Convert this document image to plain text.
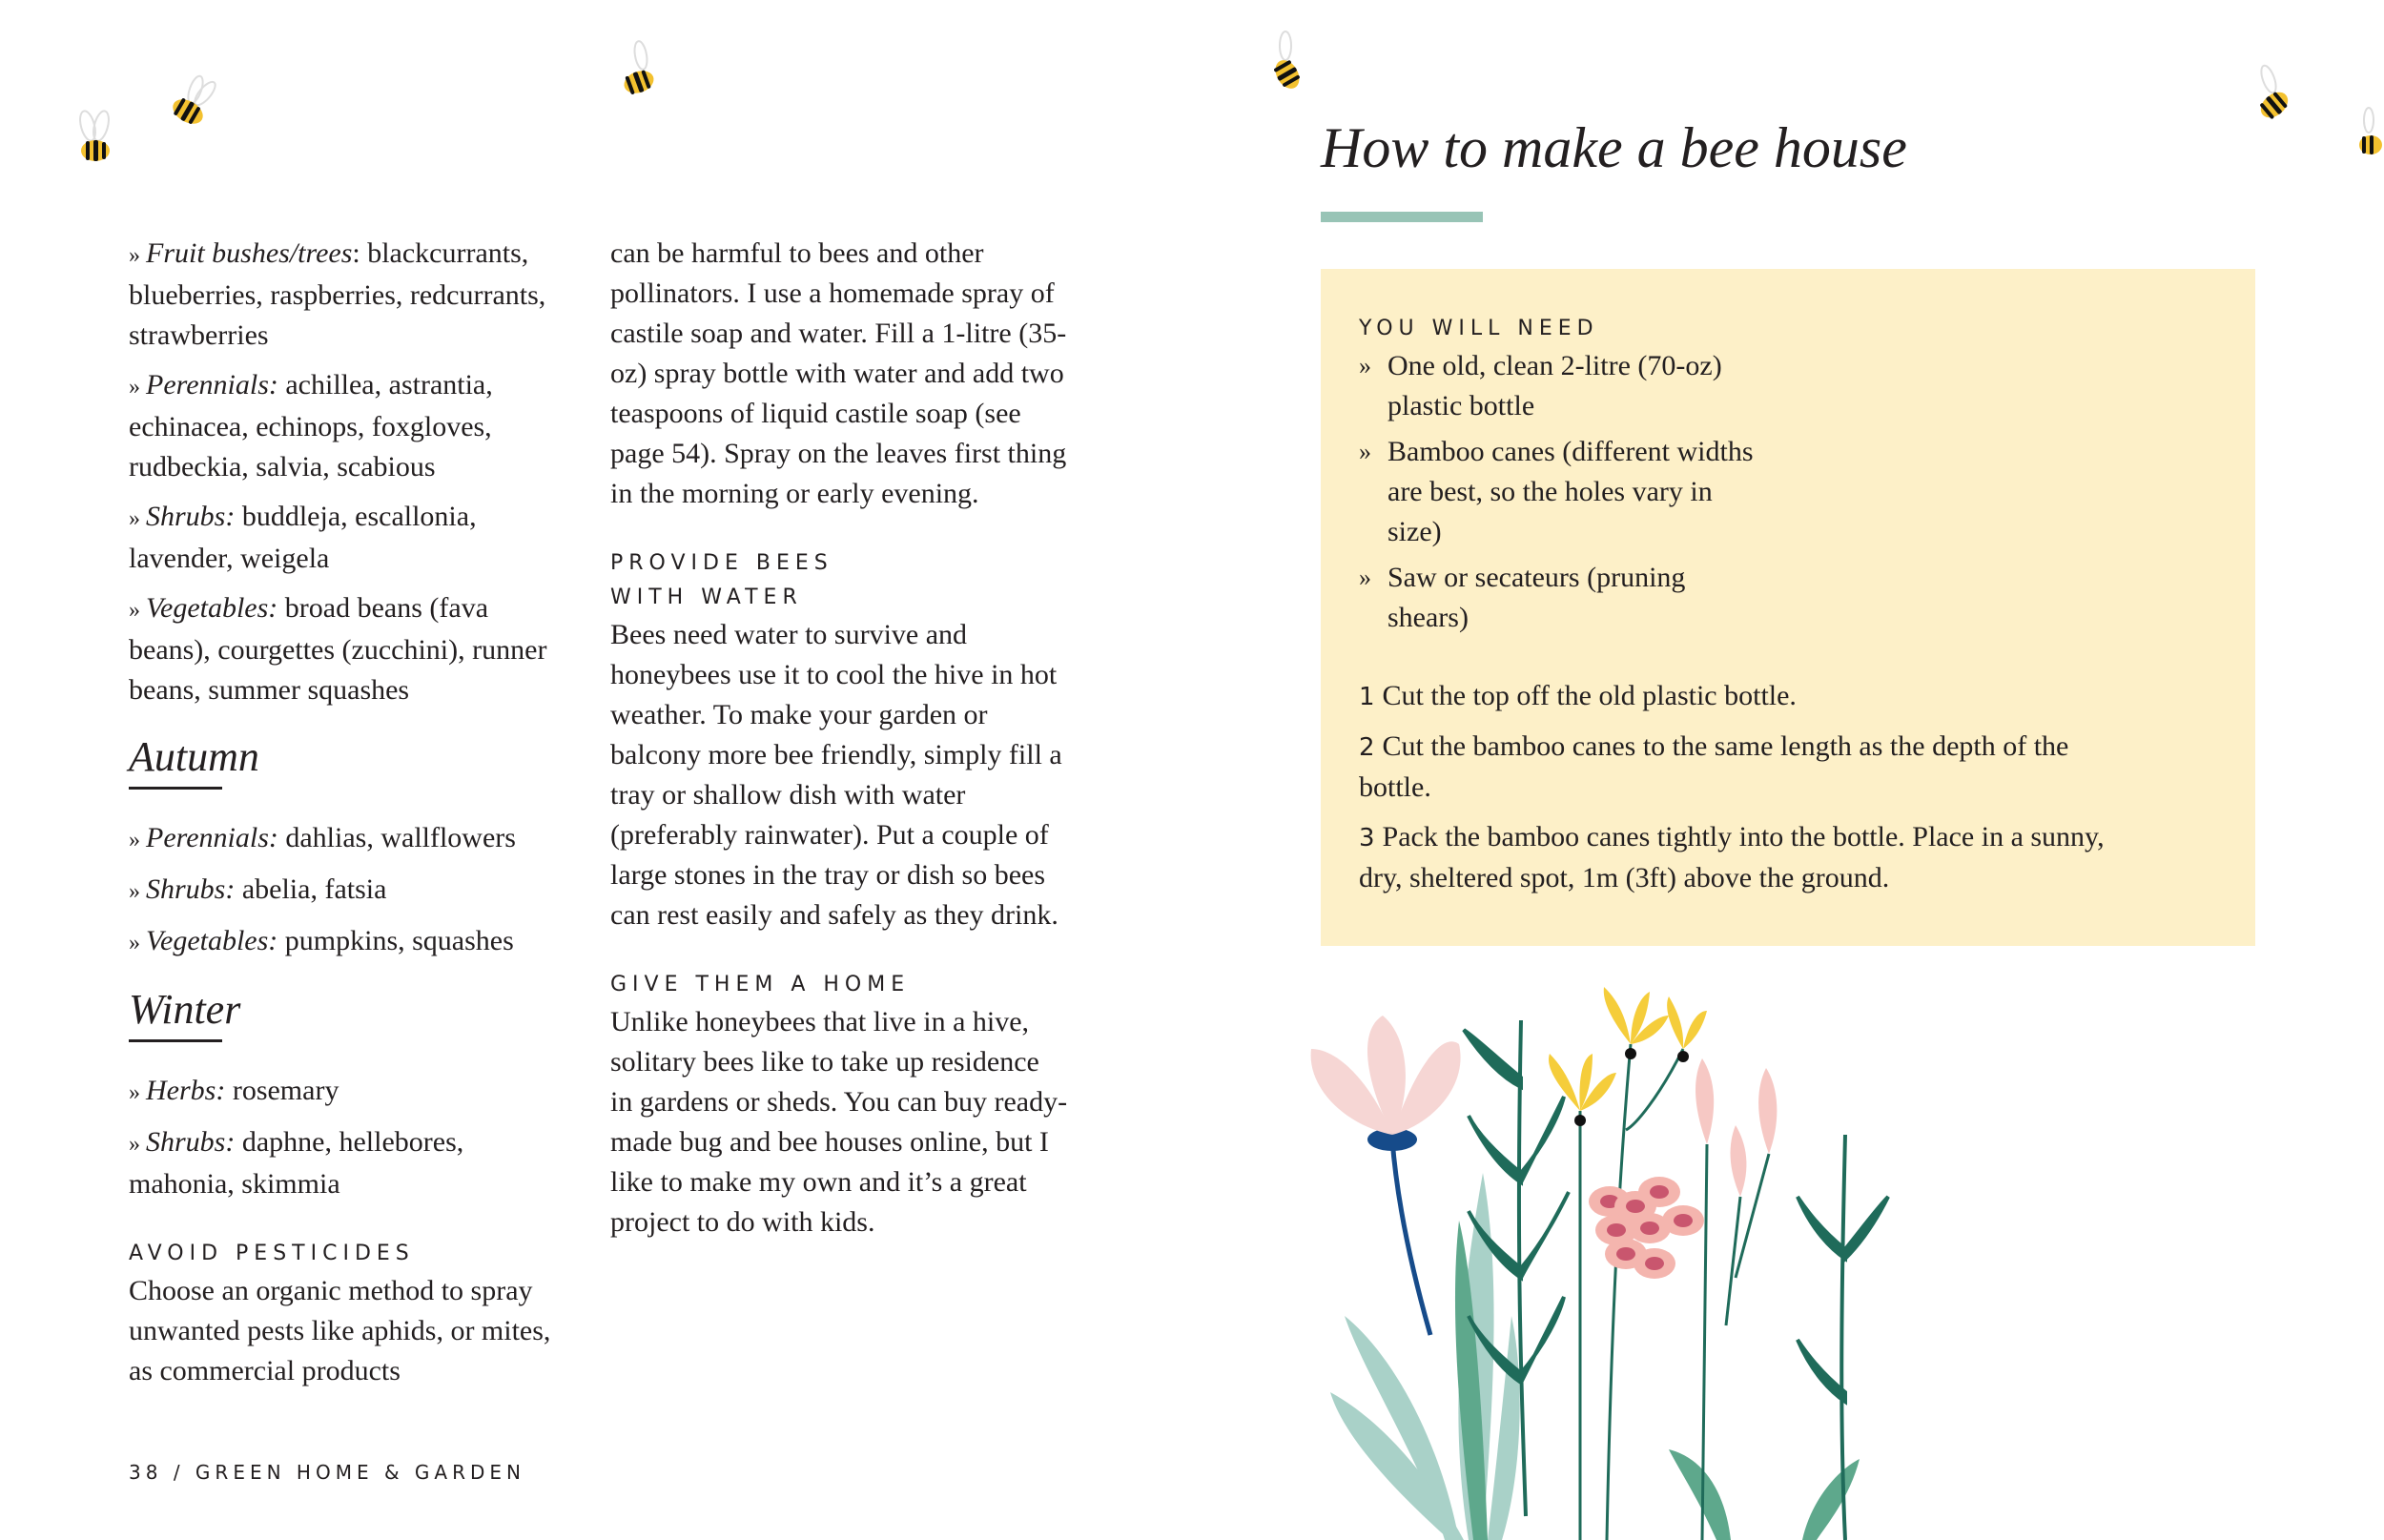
» Fruit bushes/trees: blackcurrants, blueberries, raspberries, redcurrants, strawberries
» Perennials: achillea, astrantia, echinacea, echinops, foxgloves, rudbeckia, salvia, scabious
» Shrubs: buddleja, escallonia, lavender, weigela
» Vegetables: broad beans (fava beans), courgettes (zucchini), runner beans, summer squashes
Autumn
» Perennials: dahlias, wallflowers
» Shrubs: abelia, fatsia
» Vegetables: pumpkins, squashes
Winter
» Herbs: rosemary
» Shrubs: daphne, hellebores, mahonia, skimmia
AVOID PESTICIDES
Choose an organic method to spray unwanted pests like aphids, or mites, as commercial products
can be harmful to bees and other pollinators. I use a homemade spray of castile soap and water. Fill a 1-litre (35-oz) spray bottle with water and add two teaspoons of liquid castile soap (see page 54). Spray on the leaves first thing in the morning or early evening.
PROVIDE BEES
WITH WATER
Bees need water to survive and honeybees use it to cool the hive in hot weather. To make your garden or balcony more bee friendly, simply fill a tray or shallow dish with water (preferably rainwater). Put a couple of large stones in the tray or dish so bees can rest easily and safely as they drink.
GIVE THEM A HOME
Unlike honeybees that live in a hive, solitary bees like to take up residence in gardens or sheds. You can buy ready-made bug and bee houses online, but I like to make my own and it’s a great project to do with kids.
38 / GREEN HOME & GARDEN
How to make a bee house
YOU WILL NEED
» One old, clean 2-litre (70-oz) plastic bottle
» Bamboo canes (different widths are best, so the holes vary in size)
» Saw or secateurs (pruning shears)
1 Cut the top off the old plastic bottle.
2 Cut the bamboo canes to the same length as the depth of the bottle.
3 Pack the bamboo canes tightly into the bottle. Place in a sunny, dry, sheltered spot, 1m (3ft) above the ground.
